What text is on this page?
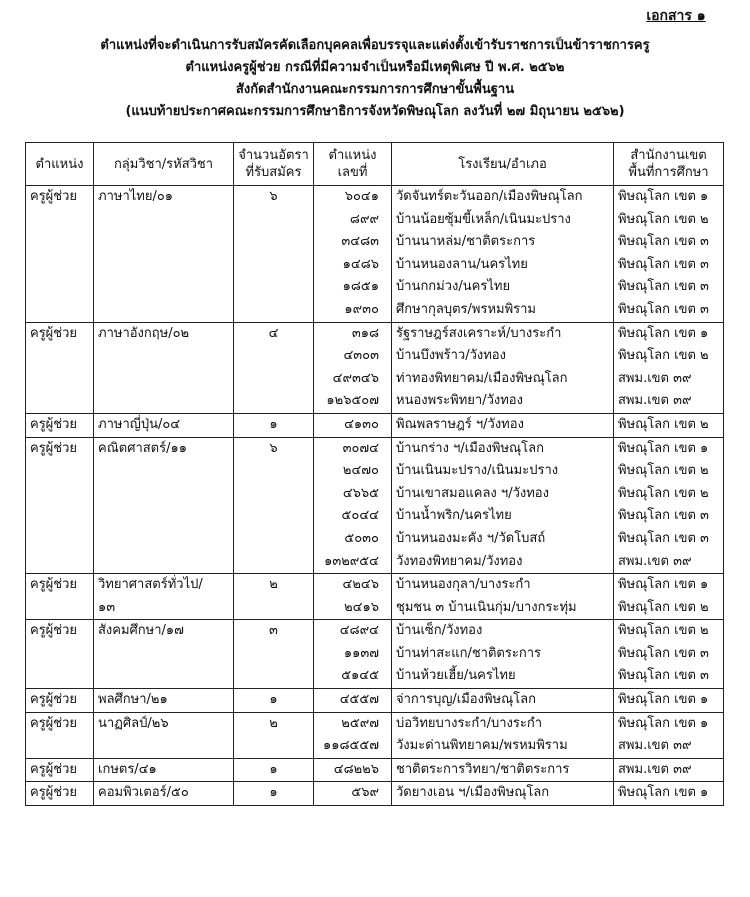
เอกสาร ๑
ตำแหน่งที่จะดำเนินการรับสมัครคัดเลือกบุคคลเพื่อบรรจุและแต่งตั้งเข้ารับราชการเป็นข้าราชการครู
ตำแหน่งครูผู้ช่วย กรณีที่มีความจำเป็นหรือมีเหตุพิเศษ ปี พ.ศ. ๒๕๖๒
สังกัดสำนักงานคณะกรรมการการศึกษาขั้นพื้นฐาน
(แนบท้ายประกาศคณะกรรมการศึกษาธิการจังหวัดพิษณุโลก ลงวันที่ ๒๗ มิถุนายน ๒๕๖๒)
ตำแหน่ง	กลุ่มวิชา/รหัสวิชา	จำนวนอัตราที่รับสมัคร	ตำแหน่งเลขที่	โรงเรียน/อำเภอ	สำนักงานเขตพื้นที่การศึกษา
ครูผู้ช่วย	ภาษาไทย/๐๑	๖	๖๐๔๑	วัดจันทร์ตะวันออก/เมืองพิษณุโลก	พิษณุโลก เขต ๑
			๘๙๙	บ้านน้อยซุ้มขี้เหล็ก/เนินมะปราง	พิษณุโลก เขต ๒
			๓๔๘๓	บ้านนาหล่ม/ชาติตระการ	พิษณุโลก เขต ๓
			๑๔๘๖	บ้านหนองลาน/นครไทย	พิษณุโลก เขต ๓
			๑๘๕๑	บ้านกกม่วง/นครไทย	พิษณุโลก เขต ๓
			๑๙๓๐	ศึกษากุลบุตร/พรหมพิราม	พิษณุโลก เขต ๓
ครูผู้ช่วย	ภาษาอังกฤษ/๐๒	๔	๓๑๘	รัฐราษฎร์สงเคราะห์/บางระกำ	พิษณุโลก เขต ๑
			๔๓๐๓	บ้านบึงพร้าว/วังทอง	พิษณุโลก เขต ๒
			๔๙๓๔๖	ท่าทองพิทยาคม/เมืองพิษณุโลก	สพม.เขต ๓๙
			๑๒๖๕๐๗	หนองพระพิทยา/วังทอง	สพม.เขต ๓๙
ครูผู้ช่วย	ภาษาญี่ปุ่น/๐๔	๑	๔๑๓๐	พิณพลราษฎร์ ฯ/วังทอง	พิษณุโลก เขต ๒
ครูผู้ช่วย	คณิตศาสตร์/๑๑	๖	๓๐๗๔	บ้านกร่าง ฯ/เมืองพิษณุโลก	พิษณุโลก เขต ๑
			๒๔๗๐	บ้านเนินมะปราง/เนินมะปราง	พิษณุโลก เขต ๒
			๔๖๖๕	บ้านเขาสมอแคลง ฯ/วังทอง	พิษณุโลก เขต ๒
			๕๐๔๔	บ้านน้ำพริก/นครไทย	พิษณุโลก เขต ๓
			๕๐๓๐	บ้านหนองมะคัง ฯ/วัดโบสถ์	พิษณุโลก เขต ๓
			๑๓๒๙๕๔	วังทองพิทยาคม/วังทอง	สพม.เขต ๓๙
ครูผู้ช่วย	วิทยาศาสตร์ทั่วไป/	๒	๔๒๔๖	บ้านหนองกุลา/บางระกำ	พิษณุโลก เขต ๑
	๑๓		๒๔๑๖	ชุมชน ๓ บ้านเนินกุ่ม/บางกระทุ่ม	พิษณุโลก เขต ๒
ครูผู้ช่วย	สังคมศึกษา/๑๗	๓	๔๘๙๔	บ้านเซ็ก/วังทอง	พิษณุโลก เขต ๒
			๑๑๓๗	บ้านท่าสะแก/ชาติตระการ	พิษณุโลก เขต ๓
			๕๑๔๕	บ้านห้วยเฮี้ย/นครไทย	พิษณุโลก เขต ๓
ครูผู้ช่วย	พลศึกษา/๒๑	๑	๔๕๕๗	จ่าการบุญ/เมืองพิษณุโลก	พิษณุโลก เขต ๑
ครูผู้ช่วย	นาฏศิลป์/๒๖	๒	๒๕๙๗	บ่อวิทยบางระกำ/บางระกำ	พิษณุโลก เขต ๑
			๑๑๘๕๕๗	วังมะด่านพิทยาคม/พรหมพิราม	สพม.เขต ๓๙
ครูผู้ช่วย	เกษตร/๔๑	๑	๔๘๒๒๖	ชาติตระการวิทยา/ชาติตระการ	สพม.เขต ๓๙
ครูผู้ช่วย	คอมพิวเตอร์/๕๐	๑	๕๖๙	วัดยางเอน ฯ/เมืองพิษณุโลก	พิษณุโลก เขต ๑
